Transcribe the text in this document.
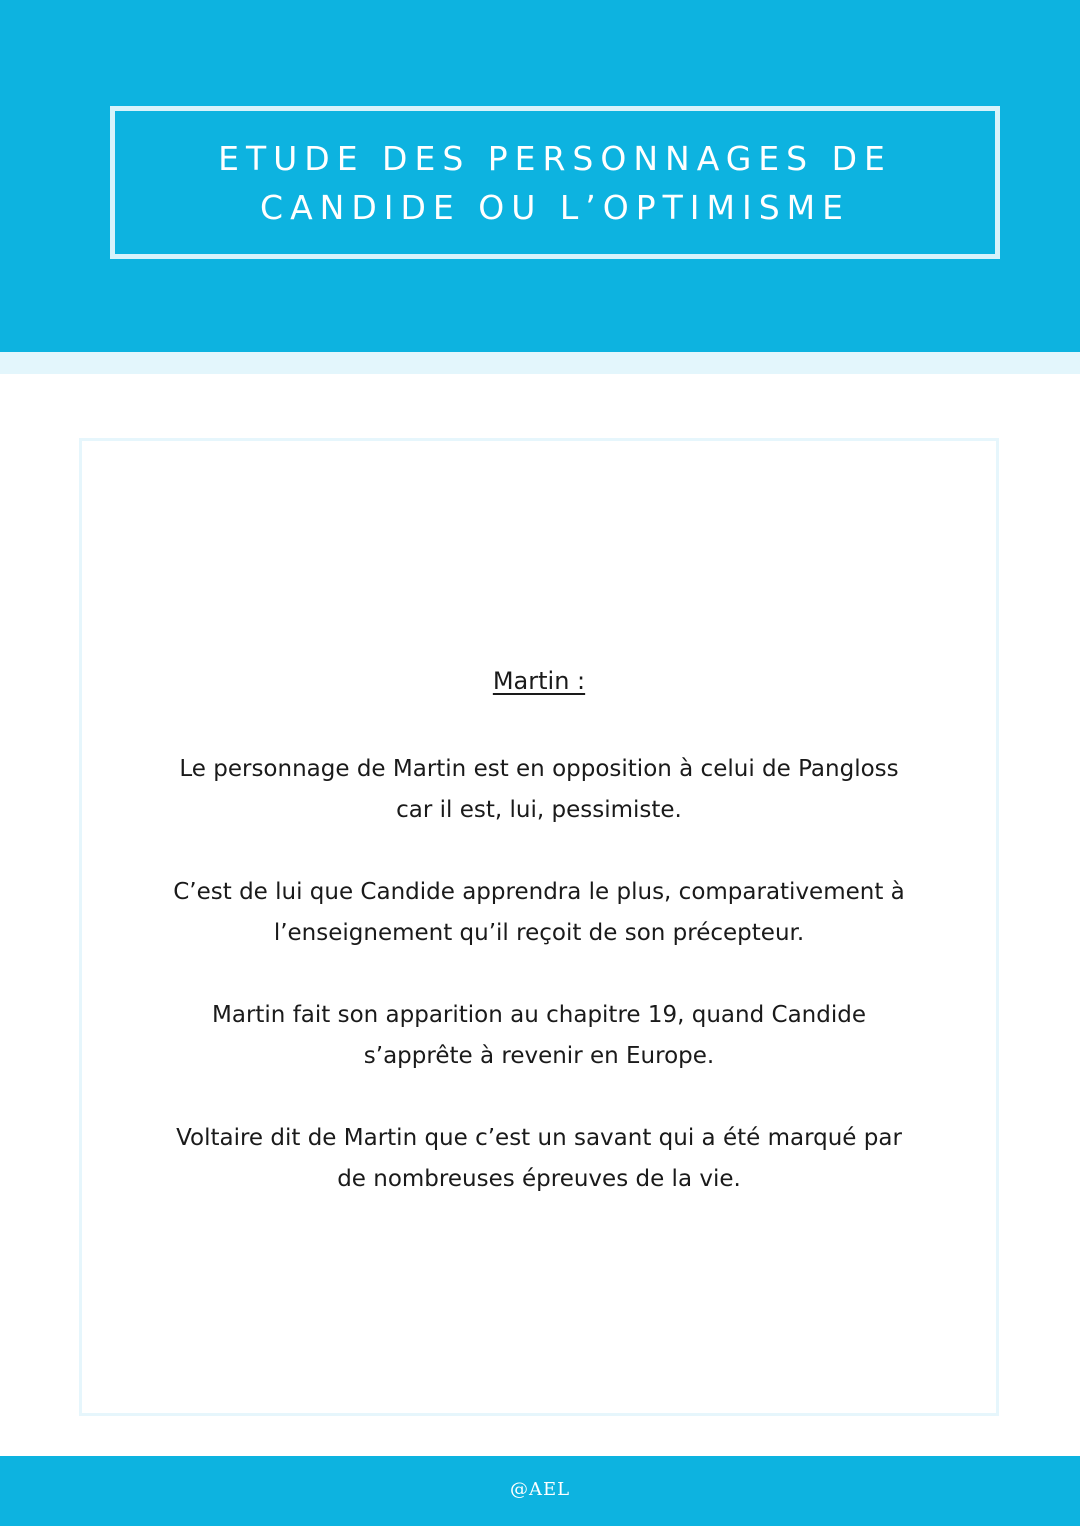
ETUDE DES PERSONNAGES DE
CANDIDE OU L’OPTIMISME
Martin :

Le personnage de Martin est en opposition à celui de Pangloss
car il est, lui, pessimiste.

C’est de lui que Candide apprendra le plus, comparativement à
l’enseignement qu’il reçoit de son précepteur.

Martin fait son apparition au chapitre 19, quand Candide
s’apprête à revenir en Europe.

Voltaire dit de Martin que c’est un savant qui a été marqué par
de nombreuses épreuves de la vie.

@AEL
